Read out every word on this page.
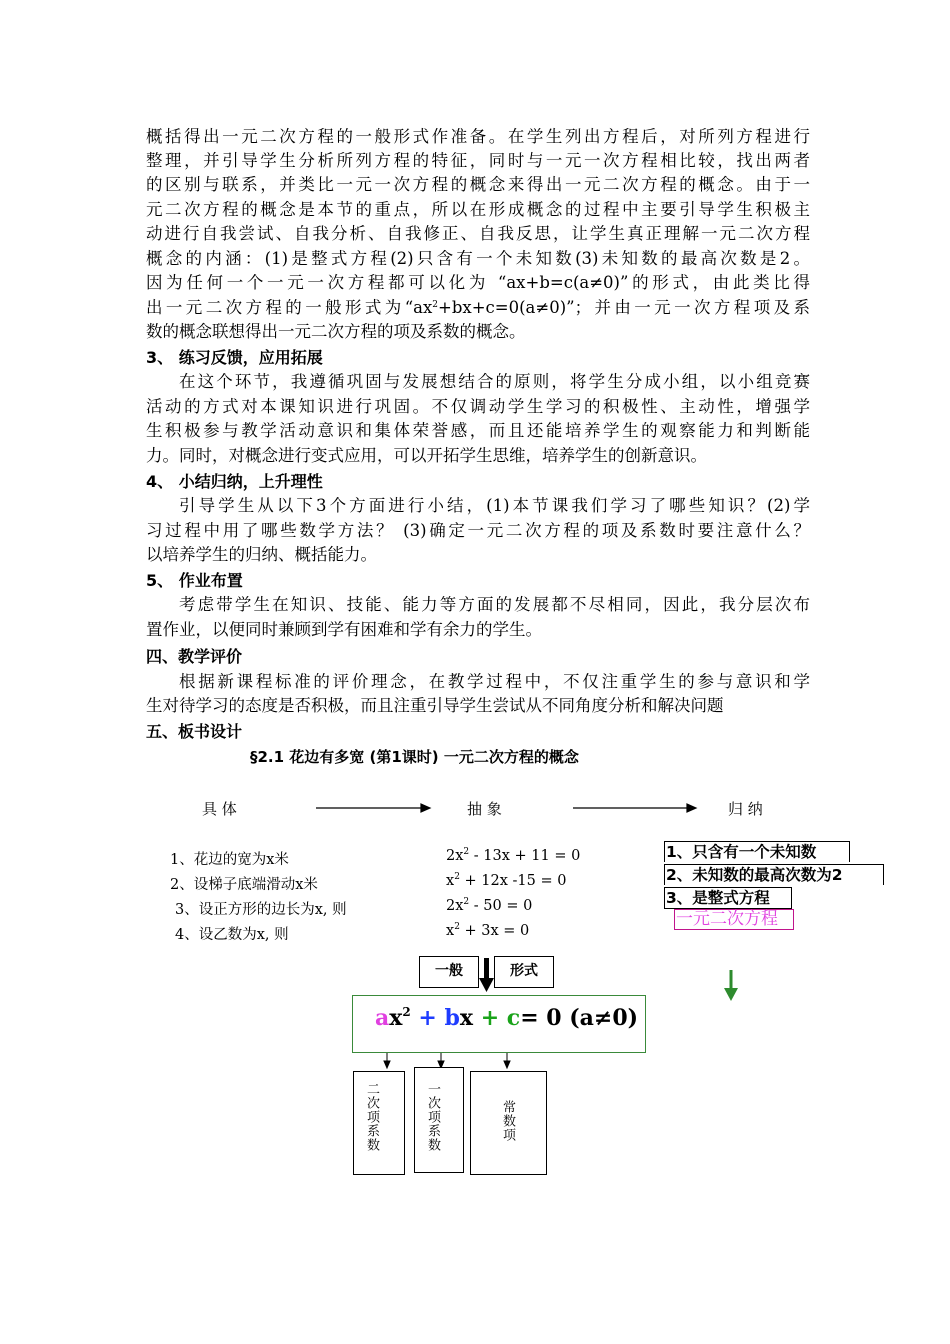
概括得出一元二次方程的一般形式作准备。在学生列出方程后，对所列方程进行
整理，并引导学生分析所列方程的特征，同时与一元一次方程相比较，找出两者
的区别与联系，并类比一元一次方程的概念来得出一元二次方程的概念。由于一
元二次方程的概念是本节的重点，所以在形成概念的过程中主要引导学生积极主
动进行自我尝试、自我分析、自我修正、自我反思，让学生真正理解一元二次方程
概念的内涵：(1)是整式方程(2)只含有一个未知数(3)未知数的最高次数是2。
因为任何一个一元一次方程都可以化为 “ax+b=c(a≠0)”的形式，由此类比得
出一元二次方程的一般形式为“$ax^2+bx+c=0(a\ne 0)$”；并由一元一次方程项及系
数的概念联想得出一元二次方程的项及系数的概念。
3、 练习反馈，应用拓展
在这个环节，我遵循巩固与发展想结合的原则，将学生分成小组，以小组竞赛
活动的方式对本课知识进行巩固。不仅调动学生学习的积极性、主动性，增强学
生积极参与教学活动意识和集体荣誉感，而且还能培养学生的观察能力和判断能
力。同时，对概念进行变式应用，可以开拓学生思维，培养学生的创新意识。
4、 小结归纳，上升理性
引导学生从以下3个方面进行小结，(1)本节课我们学习了哪些知识？(2)学
习过程中用了哪些数学方法？ (3)确定一元二次方程的项及系数时要注意什么？
以培养学生的归纳、概括能力。
5、 作业布置
考虑带学生在知识、技能、能力等方面的发展都不尽相同，因此，我分层次布
置作业，以便同时兼顾到学有困难和学有余力的学生。
四、教学评价
根据新课程标准的评价理念，在教学过程中，不仅注重学生的参与意识和学
生对待学习的态度是否积极，而且注重引导学生尝试从不同角度分析和解决问题
五、板书设计
§2.1 花边有多宽 (第1课时) 一元二次方程的概念
具 体	抽 象	归 纳
1、花边的宽为x米
2、设梯子底端滑动x米
3、设正方形的边长为x, 则
4、设乙数为x, 则
$2x^2 - 13x + 11 = 0$
$x^2 + 12x$ -15 = 0
$2x^2 - 50 = 0$
$x^2 + 3x = 0$
1、只含有一个未知数
2、未知数的最高次数为2
3、是整式方程
一元二次方程
一般	形式
$ax^2$ + bx + c= 0 (a≠0)
二次项系数	一次项系数	常数项
